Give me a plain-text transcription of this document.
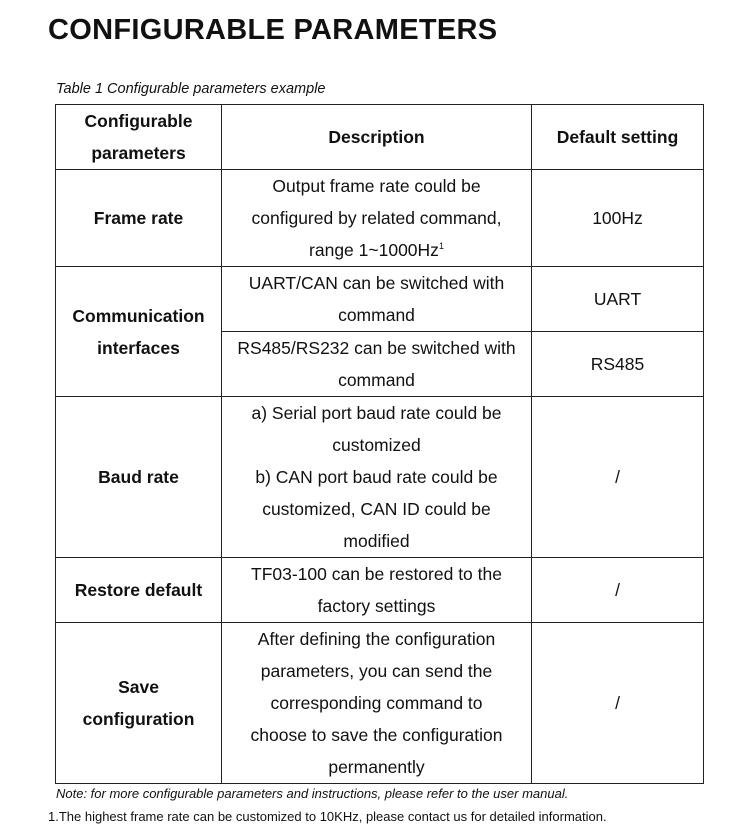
CONFIGURABLE PARAMETERS
Table 1 Configurable parameters example
Configurable
parameters	Description	Default setting

Frame rate	Output frame rate could be
configured by related command,
range 1~1000Hz$^1$	100Hz

Communication
interfaces	UART/CAN can be switched with
command	UART

	RS485/RS232 can be switched with
command	RS485

Baud rate	a) Serial port baud rate could be
customized
b) CAN port baud rate could be
customized, CAN ID could be
modified	/

Restore default	TF03-100 can be restored to the
factory settings	/

Save
configuration	After defining the configuration
parameters, you can send the
corresponding command to
choose to save the configuration
permanently	/
Note: for more configurable parameters and instructions, please refer to the user manual.
1.The highest frame rate can be customized to 10KHz, please contact us for detailed information.
